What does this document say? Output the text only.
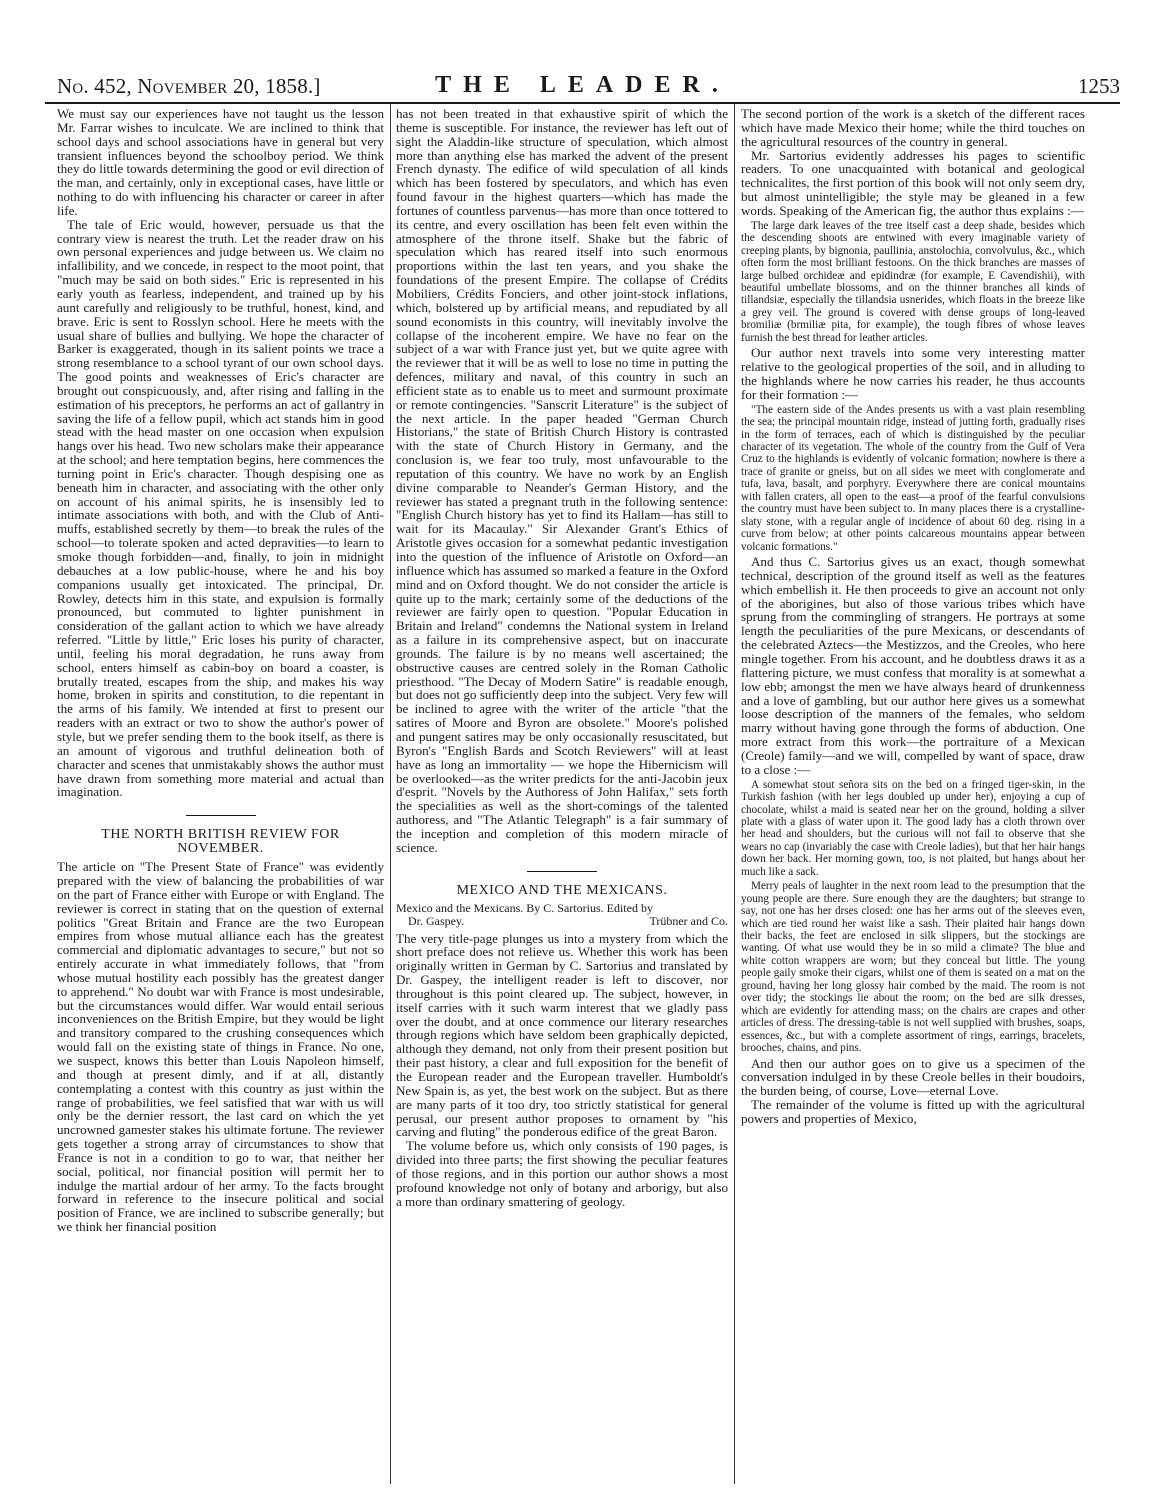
No. 452, November 20, 1858.]	THE LEADER.	1253

We must say our experiences have not taught us the lesson Mr. Farrar wishes to inculcate. We are inclined to think that school days and school associations have in general but very transient influences beyond the schoolboy period. We think they do little towards determining the good or evil direction of the man, and certainly, only in exceptional cases, have little or nothing to do with influencing his character or career in after life.

The tale of Eric would, however, persuade us that the contrary view is nearest the truth. Let the reader draw on his own personal experiences and judge between us. We claim no infallibility, and we concede, in respect to the moot point, that "much may be said on both sides." Eric is represented in his early youth as fearless, independent, and trained up by his aunt carefully and religiously to be truthful, honest, kind, and brave. Eric is sent to Rosslyn school. Here he meets with the usual share of bullies and bullying. We hope the character of Barker is exaggerated, though in its salient points we trace a strong resemblance to a school tyrant of our own school days. The good points and weaknesses of Eric's character are brought out conspicuously, and, after rising and falling in the estimation of his preceptors, he performs an act of gallantry in saving the life of a fellow pupil, which act stands him in good stead with the head master on one occasion when expulsion hangs over his head. Two new scholars make their appearance at the school; and here temptation begins, here commences the turning point in Eric's character. Though despising one as beneath him in character, and associating with the other only on account of his animal spirits, he is insensibly led to intimate associations with both, and with the Club of Anti-muffs, established secretly by them—to break the rules of the school—to tolerate spoken and acted depravities—to learn to smoke though forbidden—and, finally, to join in midnight debauches at a low public-house, where he and his boy companions usually get intoxicated. The principal, Dr. Rowley, detects him in this state, and expulsion is formally pronounced, but commuted to lighter punishment in consideration of the gallant action to which we have already referred. "Little by little," Eric loses his purity of character, until, feeling his moral degradation, he runs away from school, enters himself as cabin-boy on board a coaster, is brutally treated, escapes from the ship, and makes his way home, broken in spirits and constitution, to die repentant in the arms of his family. We intended at first to present our readers with an extract or two to show the author's power of style, but we prefer sending them to the book itself, as there is an amount of vigorous and truthful delineation both of character and scenes that unmistakably shows the author must have drawn from something more material and actual than imagination.

THE NORTH BRITISH REVIEW FOR NOVEMBER.

The article on "The Present State of France" was evidently prepared with the view of balancing the probabilities of war on the part of France either with Europe or with England. The reviewer is correct in stating that on the question of external politics "Great Britain and France are the two European empires from whose mutual alliance each has the greatest commercial and diplomatic advantages to secure," but not so entirely accurate in what immediately follows, that "from whose mutual hostility each possibly has the greatest danger to apprehend." No doubt war with France is most undesirable, but the circumstances would differ. War would entail serious inconveniences on the British Empire, but they would be light and transitory compared to the crushing consequences which would fall on the existing state of things in France. No one, we suspect, knows this better than Louis Napoleon himself, and though at present dimly, and if at all, distantly contemplating a contest with this country as just within the range of probabilities, we feel satisfied that war with us will only be the dernier ressort, the last card on which the yet uncrowned gamester stakes his ultimate fortune. The reviewer gets together a strong array of circumstances to show that France is not in a condition to go to war, that neither her social, political, nor financial position will permit her to indulge the martial ardour of her army. To the facts brought forward in reference to the insecure political and social position of France, we are inclined to subscribe generally; but we think her financial position

has not been treated in that exhaustive spirit of which the theme is susceptible. For instance, the reviewer has left out of sight the Aladdin-like structure of speculation, which almost more than anything else has marked the advent of the present French dynasty. The edifice of wild speculation of all kinds which has been fostered by speculators, and which has even found favour in the highest quarters—which has made the fortunes of countless parvenus—has more than once tottered to its centre, and every oscillation has been felt even within the atmosphere of the throne itself. Shake but the fabric of speculation which has reared itself into such enormous proportions within the last ten years, and you shake the foundations of the present Empire. The collapse of Crédits Mobiliers, Crédits Fonciers, and other joint-stock inflations, which, bolstered up by artificial means, and repudiated by all sound economists in this country, will inevitably involve the collapse of the incoherent empire. We have no fear on the subject of a war with France just yet, but we quite agree with the reviewer that it will be as well to lose no time in putting the defences, military and naval, of this country in such an efficient state as to enable us to meet and surmount proximate or remote contingencies. "Sanscrit Literature" is the subject of the next article. In the paper headed "German Church Historians," the state of British Church History is contrasted with the state of Church History in Germany, and the conclusion is, we fear too truly, most unfavourable to the reputation of this country. We have no work by an English divine comparable to Neander's German History, and the reviewer has stated a pregnant truth in the following sentence: "English Church history has yet to find its Hallam—has still to wait for its Macaulay." Sir Alexander Grant's Ethics of Aristotle gives occasion for a somewhat pedantic investigation into the question of the influence of Aristotle on Oxford—an influence which has assumed so marked a feature in the Oxford mind and on Oxford thought. We do not consider the article is quite up to the mark; certainly some of the deductions of the reviewer are fairly open to question. "Popular Education in Britain and Ireland" condemns the National system in Ireland as a failure in its comprehensive aspect, but on inaccurate grounds. The failure is by no means well ascertained; the obstructive causes are centred solely in the Roman Catholic priesthood. "The Decay of Modern Satire" is readable enough, but does not go sufficiently deep into the subject. Very few will be inclined to agree with the writer of the article "that the satires of Moore and Byron are obsolete." Moore's polished and pungent satires may be only occasionally resuscitated, but Byron's "English Bards and Scotch Reviewers" will at least have as long an immortality — we hope the Hibernicism will be overlooked—as the writer predicts for the anti-Jacobin jeux d'esprit. "Novels by the Authoress of John Halifax," sets forth the specialities as well as the short-comings of the talented authoress, and "The Atlantic Telegraph" is a fair summary of the inception and completion of this modern miracle of science.

MEXICO AND THE MEXICANS.
Mexico and the Mexicans. By C. Sartorius. Edited by
Dr. Gaspey.	Trübner and Co.

The very title-page plunges us into a mystery from which the short preface does not relieve us. Whether this work has been originally written in German by C. Sartorius and translated by Dr. Gaspey, the intelligent reader is left to discover, nor throughout is this point cleared up. The subject, however, in itself carries with it such warm interest that we gladly pass over the doubt, and at once commence our literary researches through regions which have seldom been graphically depicted, although they demand, not only from their present position but their past history, a clear and full exposition for the benefit of the European reader and the European traveller. Humboldt's New Spain is, as yet, the best work on the subject. But as there are many parts of it too dry, too strictly statistical for general perusal, our present author proposes to ornament by "his carving and fluting" the ponderous edifice of the great Baron.

The volume before us, which only consists of 190 pages, is divided into three parts; the first showing the peculiar features of those regions, and in this portion our author shows a most profound knowledge not only of botany and arborigy, but also a more than ordinary smattering of geology.

The second portion of the work is a sketch of the different races which have made Mexico their home; while the third touches on the agricultural resources of the country in general.

Mr. Sartorius evidently addresses his pages to scientific readers. To one unacquainted with botanical and geological technicalites, the first portion of this book will not only seem dry, but almost unintelligible; the style may be gleaned in a few words. Speaking of the American fig, the author thus explains :—

The large dark leaves of the tree itself cast a deep shade, besides which the descending shoots are entwined with every imaginable variety of creeping plants, by bignonia, paullinia, anstolochia, convolvulus, &c., which often form the most brilliant festoons. On the thick branches are masses of large bulbed orchideæ and epidindræ (for example, E Cavendishii), with beautiful umbellate blossoms, and on the thinner branches all kinds of tillandsiæ, especially the tillandsia usnerides, which floats in the breeze like a grey veil. The ground is covered with dense groups of long-leaved bromiliæ (brmiliæ pita, for example), the tough fibres of whose leaves furnish the best thread for leather articles.

Our author next travels into some very interesting matter relative to the geological properties of the soil, and in alluding to the highlands where he now carries his reader, he thus accounts for their formation :—

"The eastern side of the Andes presents us with a vast plain resembling the sea; the principal mountain ridge, instead of jutting forth, gradually rises in the form of terraces, each of which is distinguished by the peculiar character of its vegetation. The whole of the country from the Gulf of Vera Cruz to the highlands is evidently of volcanic formation; nowhere is there a trace of granite or gneiss, but on all sides we meet with conglomerate and tufa, lava, basalt, and porphyry. Everywhere there are conical mountains with fallen craters, all open to the east—a proof of the fearful convulsions the country must have been subject to. In many places there is a crystalline-slaty stone, with a regular angle of incidence of about 60 deg. rising in a curve from below; at other points calcareous mountains appear between volcanic formations."

And thus C. Sartorius gives us an exact, though somewhat technical, description of the ground itself as well as the features which embellish it. He then proceeds to give an account not only of the aborigines, but also of those various tribes which have sprung from the commingling of strangers. He portrays at some length the peculiarities of the pure Mexicans, or descendants of the celebrated Aztecs—the Mestizzos, and the Creoles, who here mingle together. From his account, and he doubtless draws it as a flattering picture, we must confess that morality is at somewhat a low ebb; amongst the men we have always heard of drunkenness and a love of gambling, but our author here gives us a somewhat loose description of the manners of the females, who seldom marry without having gone through the forms of abduction. One more extract from this work—the portraiture of a Mexican (Creole) family—and we will, compelled by want of space, draw to a close :—

A somewhat stout señora sits on the bed on a fringed tiger-skin, in the Turkish fashion (with her legs doubled up under her), enjoying a cup of chocolate, whilst a maid is seated near her on the ground, holding a silver plate with a glass of water upon it. The good lady has a cloth thrown over her head and shoulders, but the curious will not fail to observe that she wears no cap (invariably the case with Creole ladies), but that her hair hangs down her back. Her morning gown, too, is not plaited, but hangs about her much like a sack.

Merry peals of laughter in the next room lead to the presumption that the young people are there. Sure enough they are the daughters; but strange to say, not one has her drses closed: one has her arms out of the sleeves even, which are tied round her waist like a sash. Their plaited hair hangs down their backs, the feet are enclosed in silk slippers, but the stockings are wanting. Of what use would they be in so mild a climate? The blue and white cotton wrappers are worn; but they conceal but little. The young people gaily smoke their cigars, whilst one of them is seated on a mat on the ground, having her long glossy hair combed by the maid. The room is not over tidy; the stockings lie about the room; on the bed are silk dresses, which are evidently for attending mass; on the chairs are crapes and other articles of dress. The dressing-table is not well supplied with brushes, soaps, essences, &c., but with a complete assortment of rings, earrings, bracelets, brooches, chains, and pins.

And then our author goes on to give us a specimen of the conversation indulged in by these Creole belles in their boudoirs, the burden being, of course, Love—eternal Love.

The remainder of the volume is fitted up with the agricultural powers and properties of Mexico,
